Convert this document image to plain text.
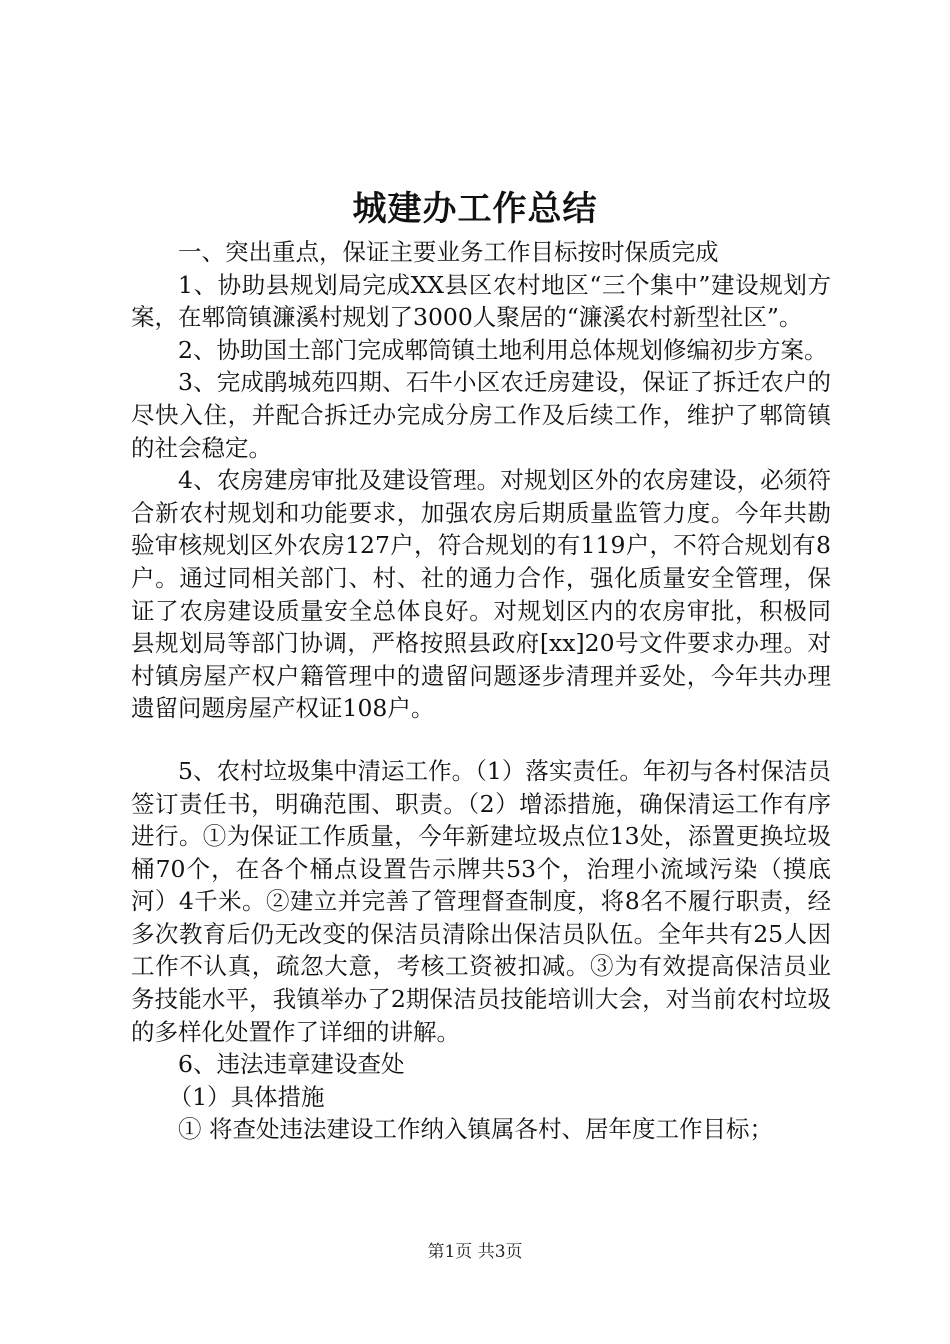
城建办工作总结

一、突出重点，保证主要业务工作目标按时保质完成

1、协助县规划局完成XX县区农村地区“三个集中”建设规划方案，在郫筒镇濂溪村规划了3000人聚居的“濂溪农村新型社区”。

2、协助国土部门完成郫筒镇土地利用总体规划修编初步方案。

3、完成鹃城苑四期、石牛小区农迁房建设，保证了拆迁农户的尽快入住，并配合拆迁办完成分房工作及后续工作，维护了郫筒镇的社会稳定。

4、农房建房审批及建设管理。对规划区外的农房建设，必须符合新农村规划和功能要求，加强农房后期质量监管力度。今年共勘验审核规划区外农房127户，符合规划的有119户，不符合规划有8户。通过同相关部门、村、社的通力合作，强化质量安全管理，保证了农房建设质量安全总体良好。对规划区内的农房审批，积极同县规划局等部门协调，严格按照县政府[xx]20号文件要求办理。对村镇房屋产权户籍管理中的遗留问题逐步清理并妥处，今年共办理遗留问题房屋产权证108户。

5、农村垃圾集中清运工作。（1）落实责任。年初与各村保洁员签订责任书，明确范围、职责。（2）增添措施，确保清运工作有序进行。①为保证工作质量，今年新建垃圾点位13处，添置更换垃圾桶70个，在各个桶点设置告示牌共53个，治理小流域污染（摸底河）4千米。②建立并完善了管理督查制度，将8名不履行职责，经多次教育后仍无改变的保洁员清除出保洁员队伍。全年共有25人因工作不认真，疏忽大意，考核工资被扣减。③为有效提高保洁员业务技能水平，我镇举办了2期保洁员技能培训大会，对当前农村垃圾的多样化处置作了详细的讲解。

6、违法违章建设查处

（1）具体措施

① 将查处违法建设工作纳入镇属各村、居年度工作目标；

第1页 共3页
